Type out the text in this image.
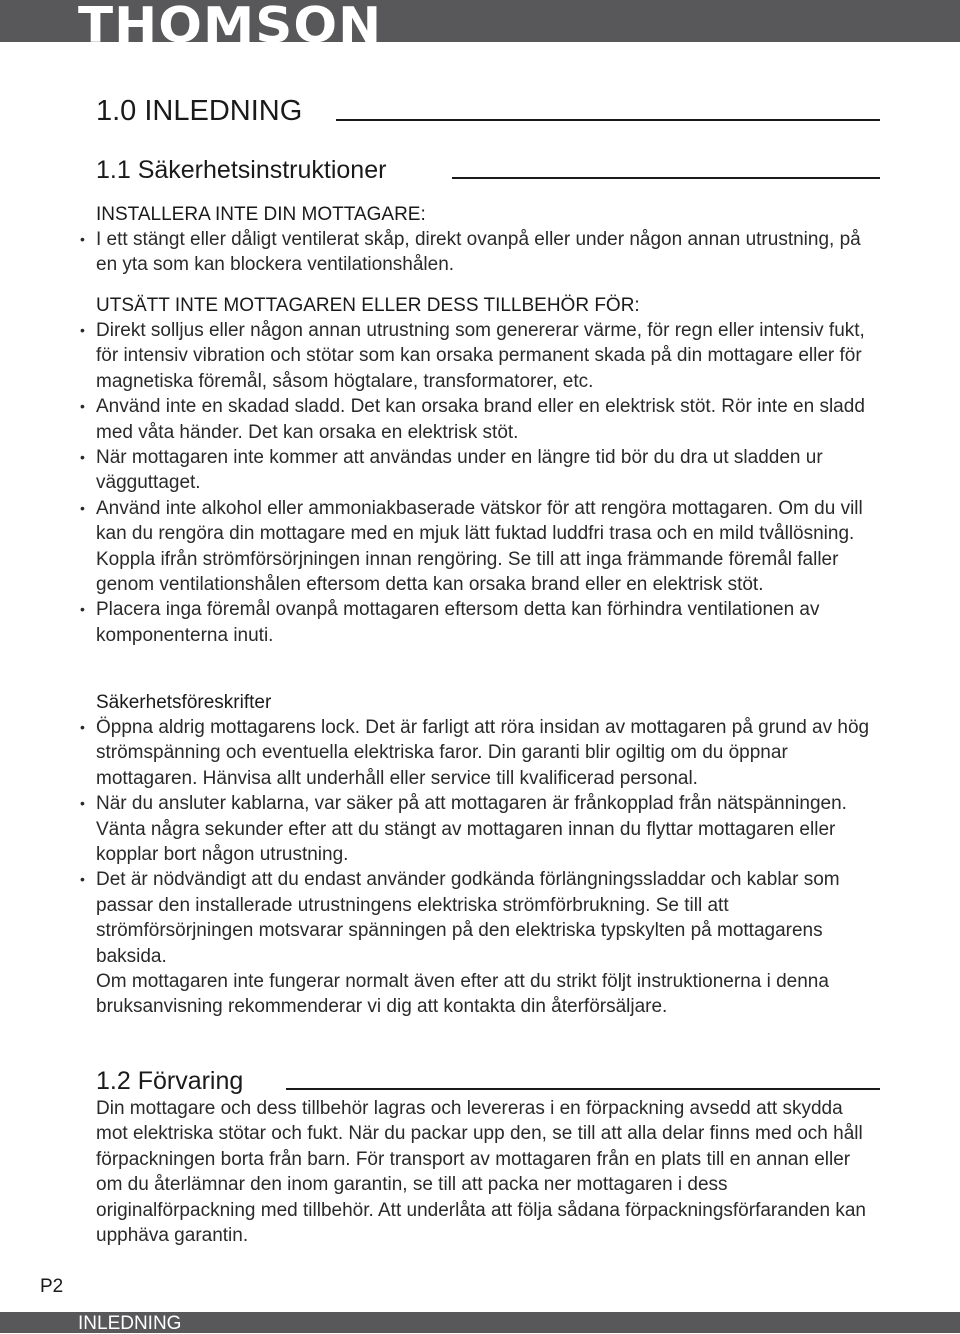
THOMSON
1.0 INLEDNING
1.1 Säkerhetsinstruktioner
INSTALLERA INTE DIN MOTTAGARE:
• I ett stängt eller dåligt ventilerat skåp, direkt ovanpå eller under någon annan utrustning, på en yta som kan blockera ventilationshålen.
UTSÄTT INTE MOTTAGAREN ELLER DESS TILLBEHÖR FÖR:
• Direkt solljus eller någon annan utrustning som genererar värme, för regn eller intensiv fukt, för intensiv vibration och stötar som kan orsaka permanent skada på din mottagare eller för magnetiska föremål, såsom högtalare, transformatorer, etc.
• Använd inte en skadad sladd. Det kan orsaka brand eller en elektrisk stöt. Rör inte en sladd med våta händer. Det kan orsaka en elektrisk stöt.
• När mottagaren inte kommer att användas under en längre tid bör du dra ut sladden ur vägguttaget.
• Använd inte alkohol eller ammoniakbaserade vätskor för att rengöra mottagaren. Om du vill kan du rengöra din mottagare med en mjuk lätt fuktad luddfri trasa och en mild tvållösning. Koppla ifrån strömförsörjningen innan rengöring. Se till att inga främmande föremål faller genom ventilationshålen eftersom detta kan orsaka brand eller en elektrisk stöt.
• Placera inga föremål ovanpå mottagaren eftersom detta kan förhindra ventilationen av komponenterna inuti.
Säkerhetsföreskrifter
• Öppna aldrig mottagarens lock. Det är farligt att röra insidan av mottagaren på grund av hög strömspänning och eventuella elektriska faror. Din garanti blir ogiltig om du öppnar mottagaren. Hänvisa allt underhåll eller service till kvalificerad personal.
• När du ansluter kablarna, var säker på att mottagaren är frånkopplad från nätspänningen. Vänta några sekunder efter att du stängt av mottagaren innan du flyttar mottagaren eller kopplar bort någon utrustning.
• Det är nödvändigt att du endast använder godkända förlängningssladdar och kablar som passar den installerade utrustningens elektriska strömförbrukning. Se till att strömförsörjningen motsvarar spänningen på den elektriska typskylten på mottagarens baksida.
Om mottagaren inte fungerar normalt även efter att du strikt följt instruktionerna i denna bruksanvisning rekommenderar vi dig att kontakta din återförsäljare.
1.2 Förvaring
Din mottagare och dess tillbehör lagras och levereras i en förpackning avsedd att skydda mot elektriska stötar och fukt. När du packar upp den, se till att alla delar finns med och håll förpackningen borta från barn. För transport av mottagaren från en plats till en annan eller om du återlämnar den inom garantin, se till att packa ner mottagaren i dess originalförpackning med tillbehör. Att underlåta att följa sådana förpackningsförfaranden kan upphäva garantin.
P2
INLEDNING
